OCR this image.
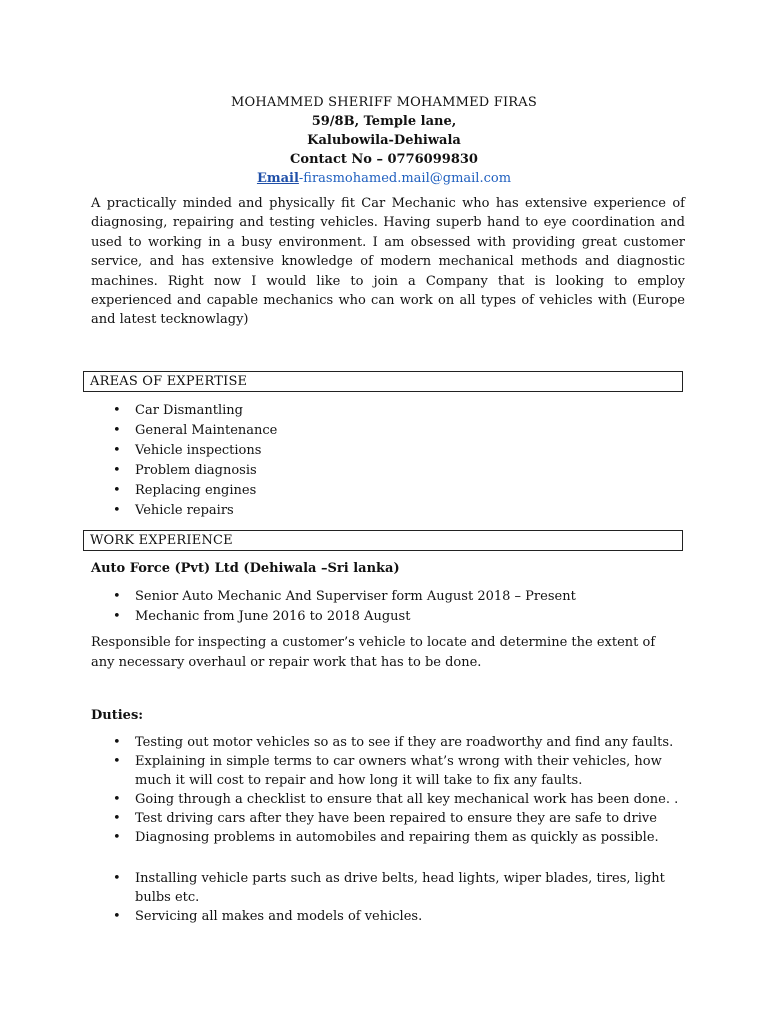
MOHAMMED SHERIFF MOHAMMED FIRAS
59/8B, Temple lane,
Kalubowila-Dehiwala
Contact No – 0776099830
Email-firasmohamed.mail@gmail.com
A practically minded and physically fit Car Mechanic who has extensive experience of diagnosing, repairing and testing vehicles. Having superb hand to eye coordination and used to working in a busy environment. I am obsessed with providing great customer service, and has extensive knowledge of modern mechanical methods and diagnostic machines. Right now I would like to join a Company that is looking to employ experienced and capable mechanics who can work on all types of vehicles with (Europe and latest tecknowlagy)
AREAS OF EXPERTISE
• Car Dismantling
• General Maintenance
• Vehicle inspections
• Problem diagnosis
• Replacing engines
• Vehicle repairs
WORK EXPERIENCE
Auto Force (Pvt) Ltd (Dehiwala –Sri lanka)
• Senior Auto Mechanic And Superviser form August 2018 – Present
• Mechanic from June 2016 to 2018 August
Responsible for inspecting a customer’s vehicle to locate and determine the extent of any necessary overhaul or repair work that has to be done.
Duties:
• Testing out motor vehicles so as to see if they are roadworthy and find any faults.
• Explaining in simple terms to car owners what’s wrong with their vehicles, how much it will cost to repair and how long it will take to fix any faults.
• Going through a checklist to ensure that all key mechanical work has been done. .
• Test driving cars after they have been repaired to ensure they are safe to drive
• Diagnosing problems in automobiles and repairing them as quickly as possible.
• Installing vehicle parts such as drive belts, head lights, wiper blades, tires, light bulbs etc.
• Servicing all makes and models of vehicles.
